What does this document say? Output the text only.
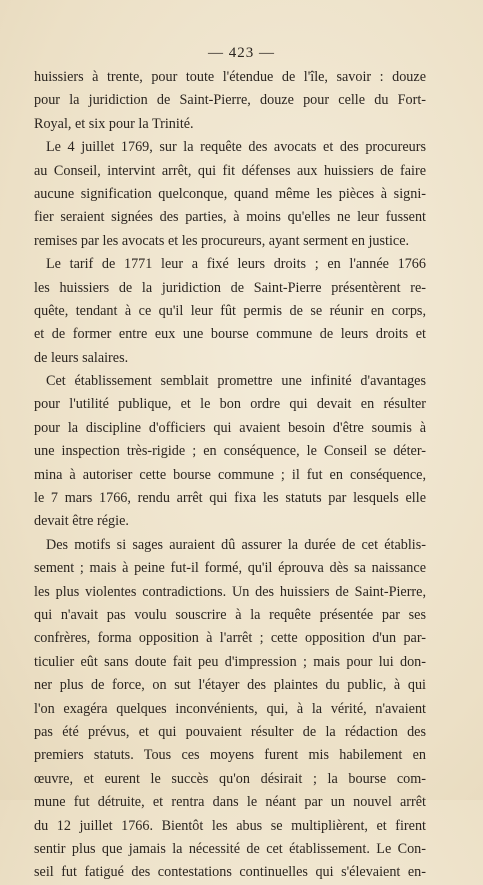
— 423 —
huissiers à trente, pour toute l'étendue de l'île, savoir : douze
pour la juridiction de Saint-Pierre, douze pour celle du Fort-
Royal, et six pour la Trinité.
Le 4 juillet 1769, sur la requête des avocats et des procureurs
au Conseil, intervint arrêt, qui fit défenses aux huissiers de faire
aucune signification quelconque, quand même les pièces à signi-
fier seraient signées des parties, à moins qu'elles ne leur fussent
remises par les avocats et les procureurs, ayant serment en justice.
Le tarif de 1771 leur a fixé leurs droits ; en l'année 1766
les huissiers de la juridiction de Saint-Pierre présentèrent re-
quête, tendant à ce qu'il leur fût permis de se réunir en corps,
et de former entre eux une bourse commune de leurs droits et
de leurs salaires.
Cet établissement semblait promettre une infinité d'avantages
pour l'utilité publique, et le bon ordre qui devait en résulter
pour la discipline d'officiers qui avaient besoin d'être soumis à
une inspection très-rigide ; en conséquence, le Conseil se déter-
mina à autoriser cette bourse commune ; il fut en conséquence,
le 7 mars 1766, rendu arrêt qui fixa les statuts par lesquels elle
devait être régie.
Des motifs si sages auraient dû assurer la durée de cet établis-
sement ; mais à peine fut-il formé, qu'il éprouva dès sa naissance
les plus violentes contradictions. Un des huissiers de Saint-Pierre,
qui n'avait pas voulu souscrire à la requête présentée par ses
confrères, forma opposition à l'arrêt ; cette opposition d'un par-
ticulier eût sans doute fait peu d'impression ; mais pour lui don-
ner plus de force, on sut l'étayer des plaintes du public, à qui
l'on exagéra quelques inconvénients, qui, à la vérité, n'avaient
pas été prévus, et qui pouvaient résulter de la rédaction des
premiers statuts. Tous ces moyens furent mis habilement en
œuvre, et eurent le succès qu'on désirait ; la bourse com-
mune fut détruite, et rentra dans le néant par un nouvel arrêt
du 12 juillet 1766. Bientôt les abus se multiplièrent, et firent
sentir plus que jamais la nécessité de cet établissement. Le Con-
seil fut fatigué des contestations continuelles qui s'élevaient en-
